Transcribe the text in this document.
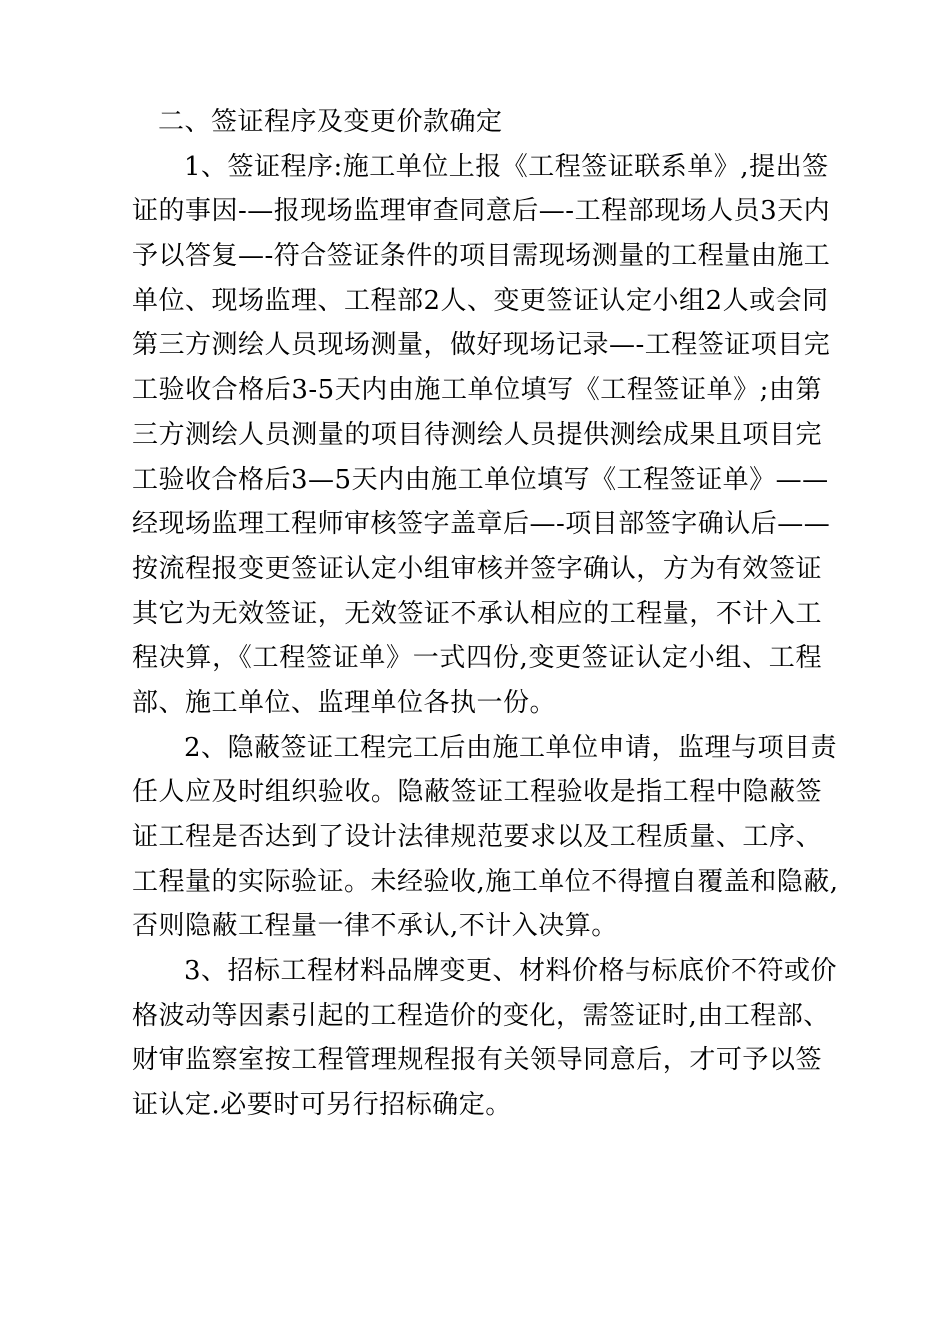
二、签证程序及变更价款确定
1、签证程序:施工单位上报《工程签证联系单》,提出签
证的事因-—报现场监理审查同意后—-工程部现场人员3天内
予以答复—-符合签证条件的项目需现场测量的工程量由施工
单位、现场监理、工程部2人、变更签证认定小组2人或会同
第三方测绘人员现场测量，做好现场记录—-工程签证项目完
工验收合格后3-5天内由施工单位填写《工程签证单》;由第
三方测绘人员测量的项目待测绘人员提供测绘成果且项目完
工验收合格后3—5天内由施工单位填写《工程签证单》——
经现场监理工程师审核签字盖章后—-项目部签字确认后——
按流程报变更签证认定小组审核并签字确认，方为有效签证
其它为无效签证，无效签证不承认相应的工程量，不计入工
程决算，《工程签证单》一式四份,变更签证认定小组、工程
部、施工单位、监理单位各执一份。
2、隐蔽签证工程完工后由施工单位申请，监理与项目责
任人应及时组织验收。隐蔽签证工程验收是指工程中隐蔽签
证工程是否达到了设计法律规范要求以及工程质量、工序、
工程量的实际验证。未经验收,施工单位不得擅自覆盖和隐蔽,
否则隐蔽工程量一律不承认,不计入决算。
3、招标工程材料品牌变更、材料价格与标底价不符或价
格波动等因素引起的工程造价的变化，需签证时,由工程部、
财审监察室按工程管理规程报有关领导同意后，才可予以签
证认定.必要时可另行招标确定。
